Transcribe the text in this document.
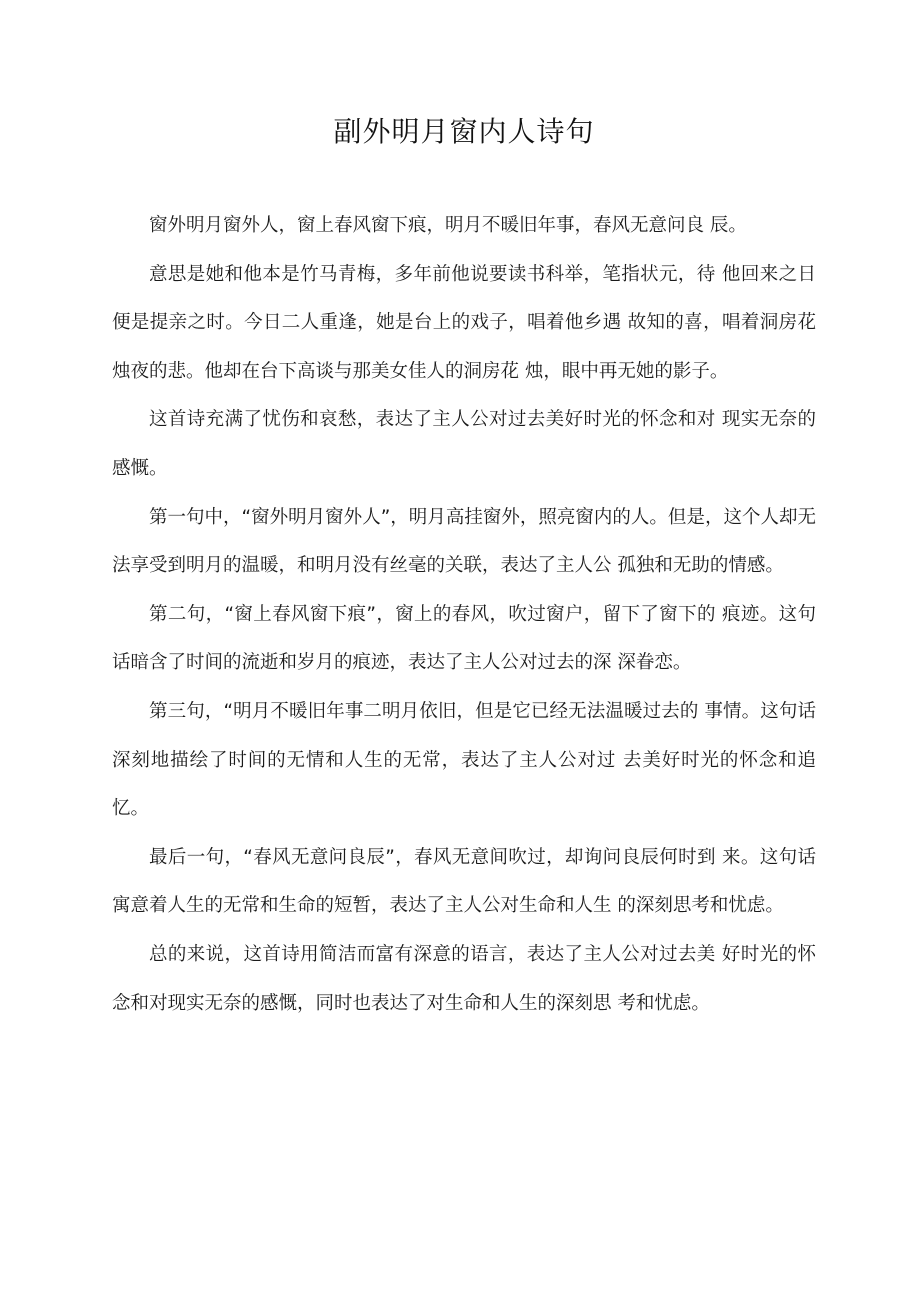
副外明月窗内人诗句

窗外明月窗外人，窗上春风窗下痕，明月不暖旧年事，春风无意问良 辰。

意思是她和他本是竹马青梅，多年前他说要读书科举，笔指状元，待 他回来之日便是提亲之时。今日二人重逢，她是台上的戏子，唱着他乡遇 故知的喜，唱着洞房花烛夜的悲。他却在台下高谈与那美女佳人的洞房花 烛，眼中再无她的影子。

这首诗充满了忧伤和哀愁，表达了主人公对过去美好时光的怀念和对 现实无奈的感慨。

第一句中，“窗外明月窗外人”，明月高挂窗外，照亮窗内的人。但是，这个人却无法享受到明月的温暖，和明月没有丝毫的关联，表达了主人公 孤独和无助的情感。

第二句，“窗上春风窗下痕”，窗上的春风，吹过窗户，留下了窗下的 痕迹。这句话暗含了时间的流逝和岁月的痕迹，表达了主人公对过去的深 深眷恋。

第三句，“明月不暖旧年事二明月依旧，但是它已经无法温暖过去的 事情。这句话深刻地描绘了时间的无情和人生的无常，表达了主人公对过 去美好时光的怀念和追忆。

最后一句，“春风无意问良辰”，春风无意间吹过，却询问良辰何时到 来。这句话寓意着人生的无常和生命的短暂，表达了主人公对生命和人生 的深刻思考和忧虑。

总的来说，这首诗用简洁而富有深意的语言，表达了主人公对过去美 好时光的怀念和对现实无奈的感慨，同时也表达了对生命和人生的深刻思 考和忧虑。
